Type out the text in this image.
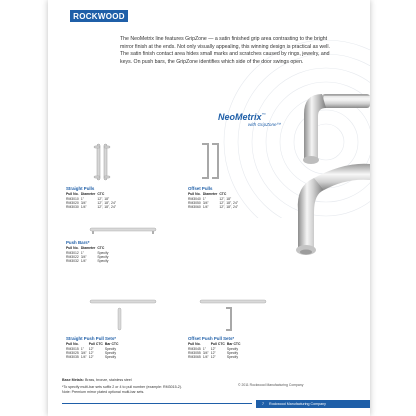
ROCKWOOD

The NeoMetrix line features GripZone — a satin finished grip area contrasting to the bright mirror finish at the ends. Not only visually appealing, this winning design is practical as well. The satin finish contact area hides small marks and scratches caused by rings, jewelry, and keys. On push bars, the GripZone identifies which side of the door swings open.

NeoMetrix™
with GripZone™
Straight Pulls
Pull No.	Diameter	CTC
RM3010	1"	12", 18"
RM3020	3/4"	12", 18", 24"
RM3030	1/4"	12", 18", 24"
Offset Pulls
Pull No.	Diameter	CTC
RM3040	1"	12", 18"
RM3050	3/4"	12", 18", 24"
RM3060	1/4"	12", 18", 24"
Push Bars*
Pull No.	Diameter	CTC
RM3012	1"	Specify
RM3022	3/4"	Specify
RM3032	1/4"	Specify
Straight Push Pull Sets*
Pull No.		Pull CTC	Bar CTC
RM3015	1"	12"	Specify
RM3025	3/4"	12"	Specify
RM3035	1/4"	12"	Specify
Offset Push Pull Sets*
Pull No.		Pull CTC	Bar CTC
RM3045	1"	12"	Specify
RM3055	3/4"	12"	Specify
RM3065	1/4"	12"	Specify
Base Metals: Brass, bronze, stainless steel
*To specify multi-bar sets suffix 2 or 4 to pull number (example: RM3015-2).
Note: Premium mirror plated optional multi-bar sets.
© 2011 Rockwood Manufacturing Company
7 Rockwood Manufacturing Company
